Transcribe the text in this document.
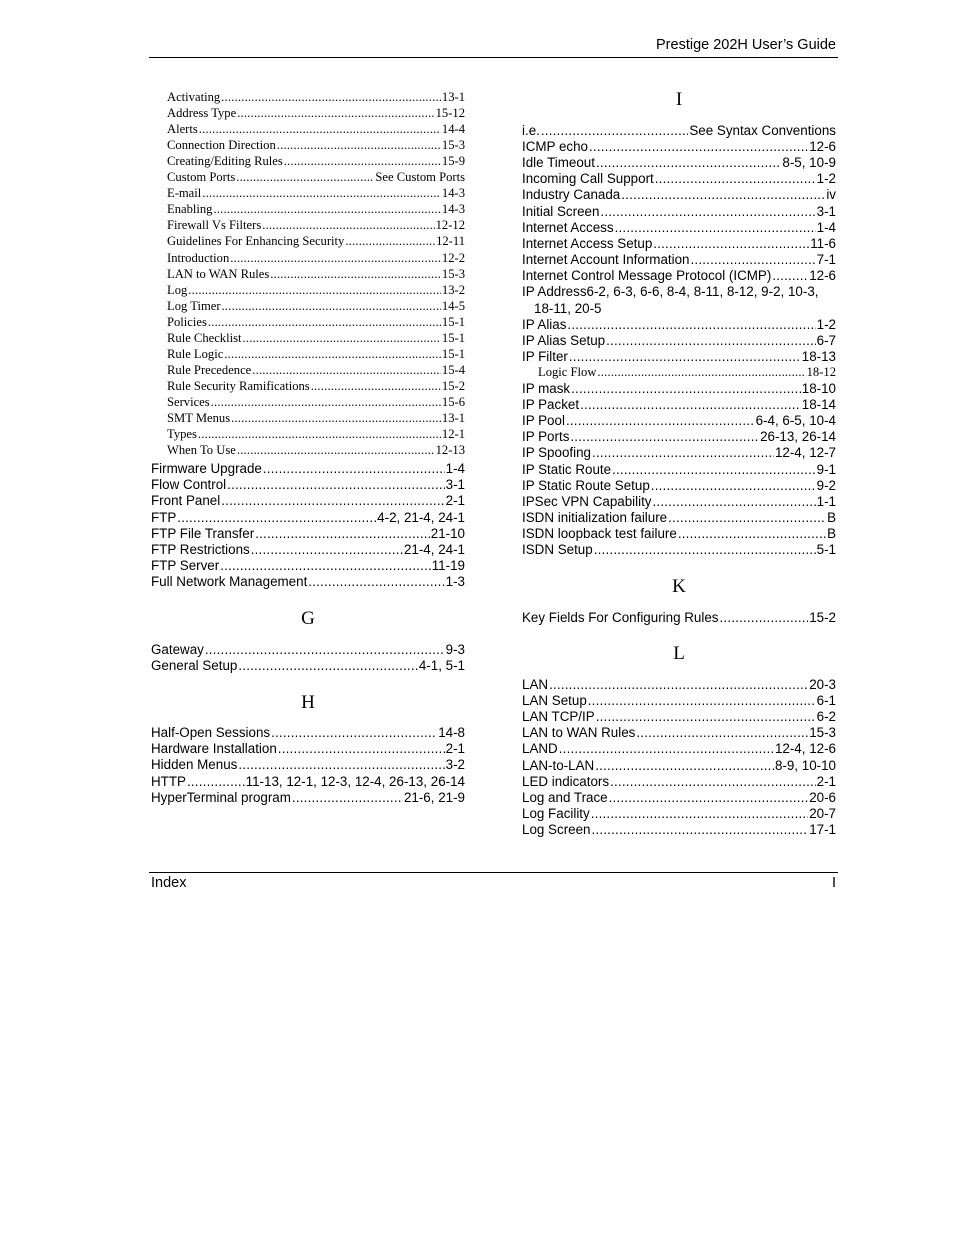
Prestige 202H User’s Guide
Activating .....	13-1
Address Type .....	15-12
Alerts .....	14-4
Connection Direction .....	15-3
Creating/Editing Rules .....	15-9
Custom Ports .....	See Custom Ports
E-mail .....	14-3
Enabling .....	14-3
Firewall Vs Filters .....	12-12
Guidelines For Enhancing Security .....	12-11
Introduction .....	12-2
LAN to WAN Rules .....	15-3
Log .....	13-2
Log Timer .....	14-5
Policies .....	15-1
Rule Checklist .....	15-1
Rule Logic .....	15-1
Rule Precedence .....	15-4
Rule Security Ramifications .....	15-2
Services .....	15-6
SMT Menus .....	13-1
Types .....	12-1
When To Use .....	12-13
Firmware Upgrade .....	1-4
Flow Control .....	3-1
Front Panel .....	2-1
FTP .....	4-2, 21-4, 24-1
FTP File Transfer .....	21-10
FTP Restrictions .....	21-4, 24-1
FTP Server .....	11-19
Full Network Management .....	1-3
G
Gateway .....	9-3
General Setup .....	4-1, 5-1
H
Half-Open Sessions .....	14-8
Hardware Installation .....	2-1
Hidden Menus .....	3-2
HTTP .....	11-13, 12-1, 12-3, 12-4, 26-13, 26-14
HyperTerminal program .....	21-6, 21-9
I
i.e. .....	See Syntax Conventions
ICMP echo .....	12-6
Idle Timeout .....	8-5, 10-9
Incoming Call Support .....	1-2
Industry Canada .....	iv
Initial Screen .....	3-1
Internet Access .....	1-4
Internet Access Setup .....	11-6
Internet Account Information .....	7-1
Internet Control Message Protocol (ICMP) .....	12-6
IP Address6-2, 6-3, 6-6, 8-4, 8-11, 8-12, 9-2, 10-3,
18-11, 20-5
IP Alias .....	1-2
IP Alias Setup .....	6-7
IP Filter .....	18-13
Logic Flow .....	18-12
IP mask .....	18-10
IP Packet .....	18-14
IP Pool .....	6-4, 6-5, 10-4
IP Ports .....	26-13, 26-14
IP Spoofing .....	12-4, 12-7
IP Static Route .....	9-1
IP Static Route Setup .....	9-2
IPSec VPN Capability .....	1-1
ISDN initialization failure .....	B
ISDN loopback test failure .....	B
ISDN Setup .....	5-1
K
Key Fields For Configuring Rules .....	15-2
L
LAN .....	20-3
LAN Setup .....	6-1
LAN TCP/IP .....	6-2
LAN to WAN Rules .....	15-3
LAND .....	12-4, 12-6
LAN-to-LAN .....	8-9, 10-10
LED indicators .....	2-1
Log and Trace .....	20-6
Log Facility .....	20-7
Log Screen .....	17-1
Index	I
